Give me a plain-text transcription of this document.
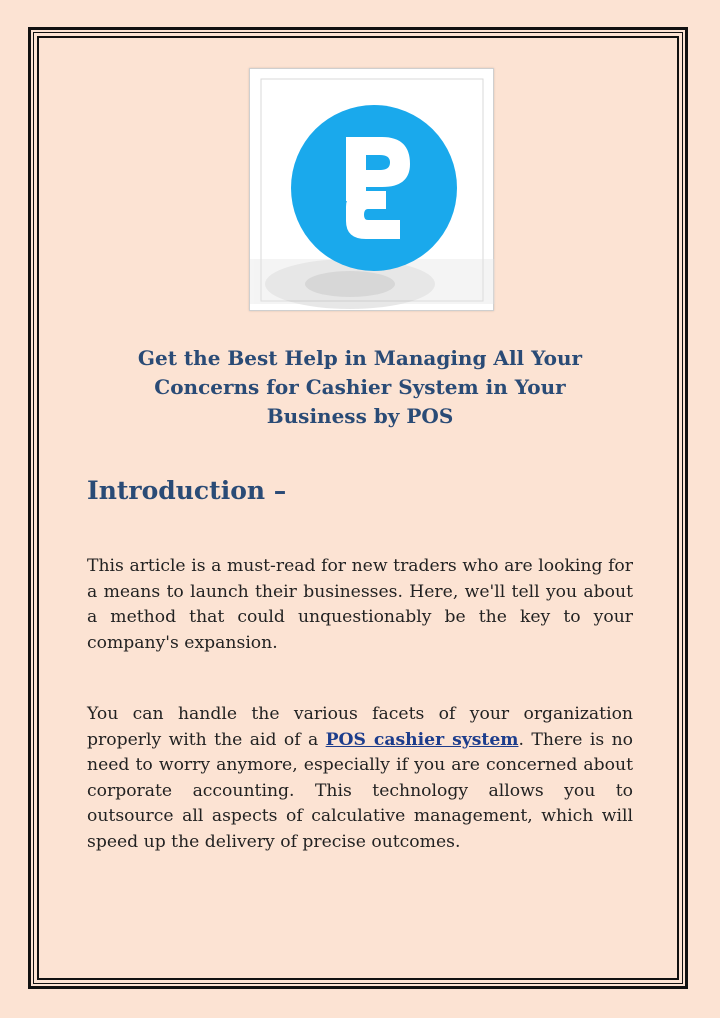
Get the Best Help in Managing All Your
Concerns for Cashier System in Your
Business by POS
Introduction –
This article is a must-read for new traders who are looking for a means to launch their businesses. Here, we'll tell you about a method that could unquestionably be the key to your company's expansion.
You can handle the various facets of your organization properly with the aid of a POS cashier system. There is no need to worry anymore, especially if you are concerned about corporate accounting. This technology allows you to outsource all aspects of calculative management, which will speed up the delivery of precise outcomes.
